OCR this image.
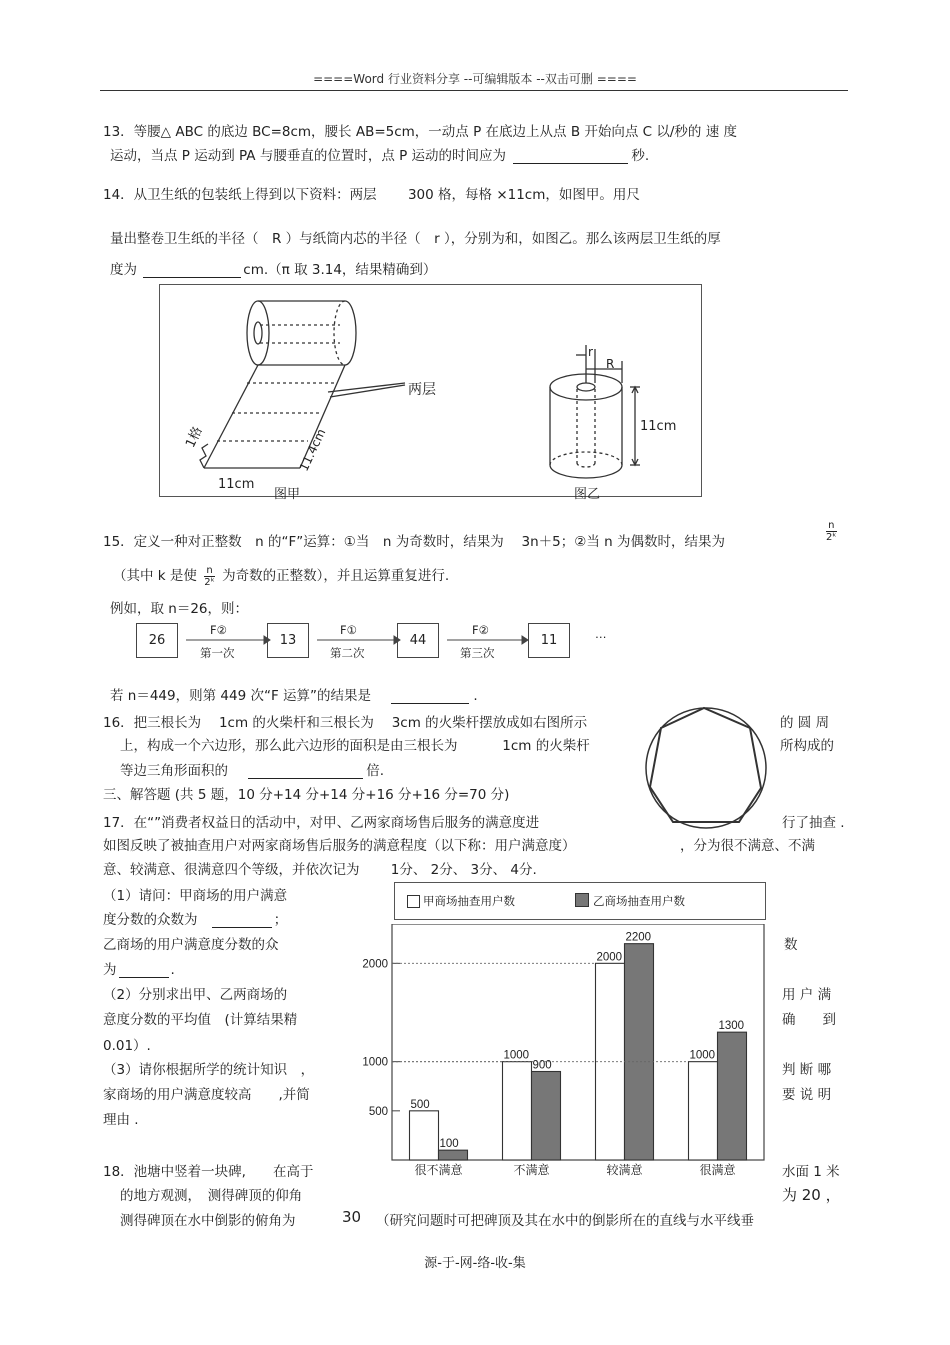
====Word 行业资料分享 --可编辑版本 --双击可删 ====
13．等腰△ ABC 的底边 BC=8cm，腰长 AB=5cm，一动点 P 在底边上从点 B 开始向点 C 以/秒的 速 度
运动，当点 P 运动到 PA 与腰垂直的位置时，点 P 运动的时间应为	秒.
14．从卫生纸的包装纸上得到以下资料：两层　　 300 格，每格 ×11cm，如图甲。用尺
量出整卷卫生纸的半径（　R ）与纸筒内芯的半径（　r ），分别为和，如图乙。那么该两层卫生纸的厚
度为	cm.（π 取 3.14，结果精确到）
两层
1格
11cm
11.4cm
图甲	图乙
11cm
r
R
15．定义一种对正整数　n 的“F”运算：①当　n 为奇数时，结果为　 3n＋5；②当 n 为偶数时，结果为	$\frac{n}{\text{2ᵏ}}$
（其中 k 是使 $\frac{n}{\text{2ᵏ}}$ 为奇数的正整数），并且运算重复进行.
例如，取 n＝26，则：
26	13	44	11
F②
第一次
F①
第二次
F②
第三次
…
若 n＝449，则第 449 次“F 运算”的结果是	.
16．把三根长为　 1cm 的火柴杆和三根长为　 3cm 的火柴杆摆放成如右图所示	的 圆 周
上，构成一个六边形，那么此六边形的面积是由三根长为　　　 1cm 的火柴杆	所构成的
等边三角形面积的	倍.
三、解答题 (共 5 题，10 分+14 分+14 分+16 分+16 分=70 分)
17．在“”消费者权益日的活动中，对甲、乙两家商场售后服务的满意度进	行了抽查 .
如图反映了被抽查用户对两家商场售后服务的满意程度（以下称：用户满意度）	，分为很不满意、不满
意、较满意、很满意四个等级，并依次记为　　 1分、 2分、 3分、 4分.
（1）请问：甲商场的用户满意
度分数的众数为	；
乙商场的用户满意度分数的众	数
为	.
（2）分别求出甲、乙两商场的	用 户 满
意度分数的平均值　(计算结果精	确　　到
0.01）.
（3）请你根据所学的统计知识　，	判 断 哪
家商场的用户满意度较高　　,并简	要 说 明
理由 .
甲商场抽查用户数	乙商场抽查用户数
500
1000
2000
500
100
1000
900
2000
2200
1000
1300
很不满意	不满意	较满意	很满意
18．池塘中竖着一块碑,　　在高于	水面 1 米
的地方观测，　测得碑顶的仰角	为 20 ，
测得碑顶在水中倒影的俯角为	30 （研究问题时可把碑顶及其在水中的倒影所在的直线与水平线垂
源-于-网-络-收-集
